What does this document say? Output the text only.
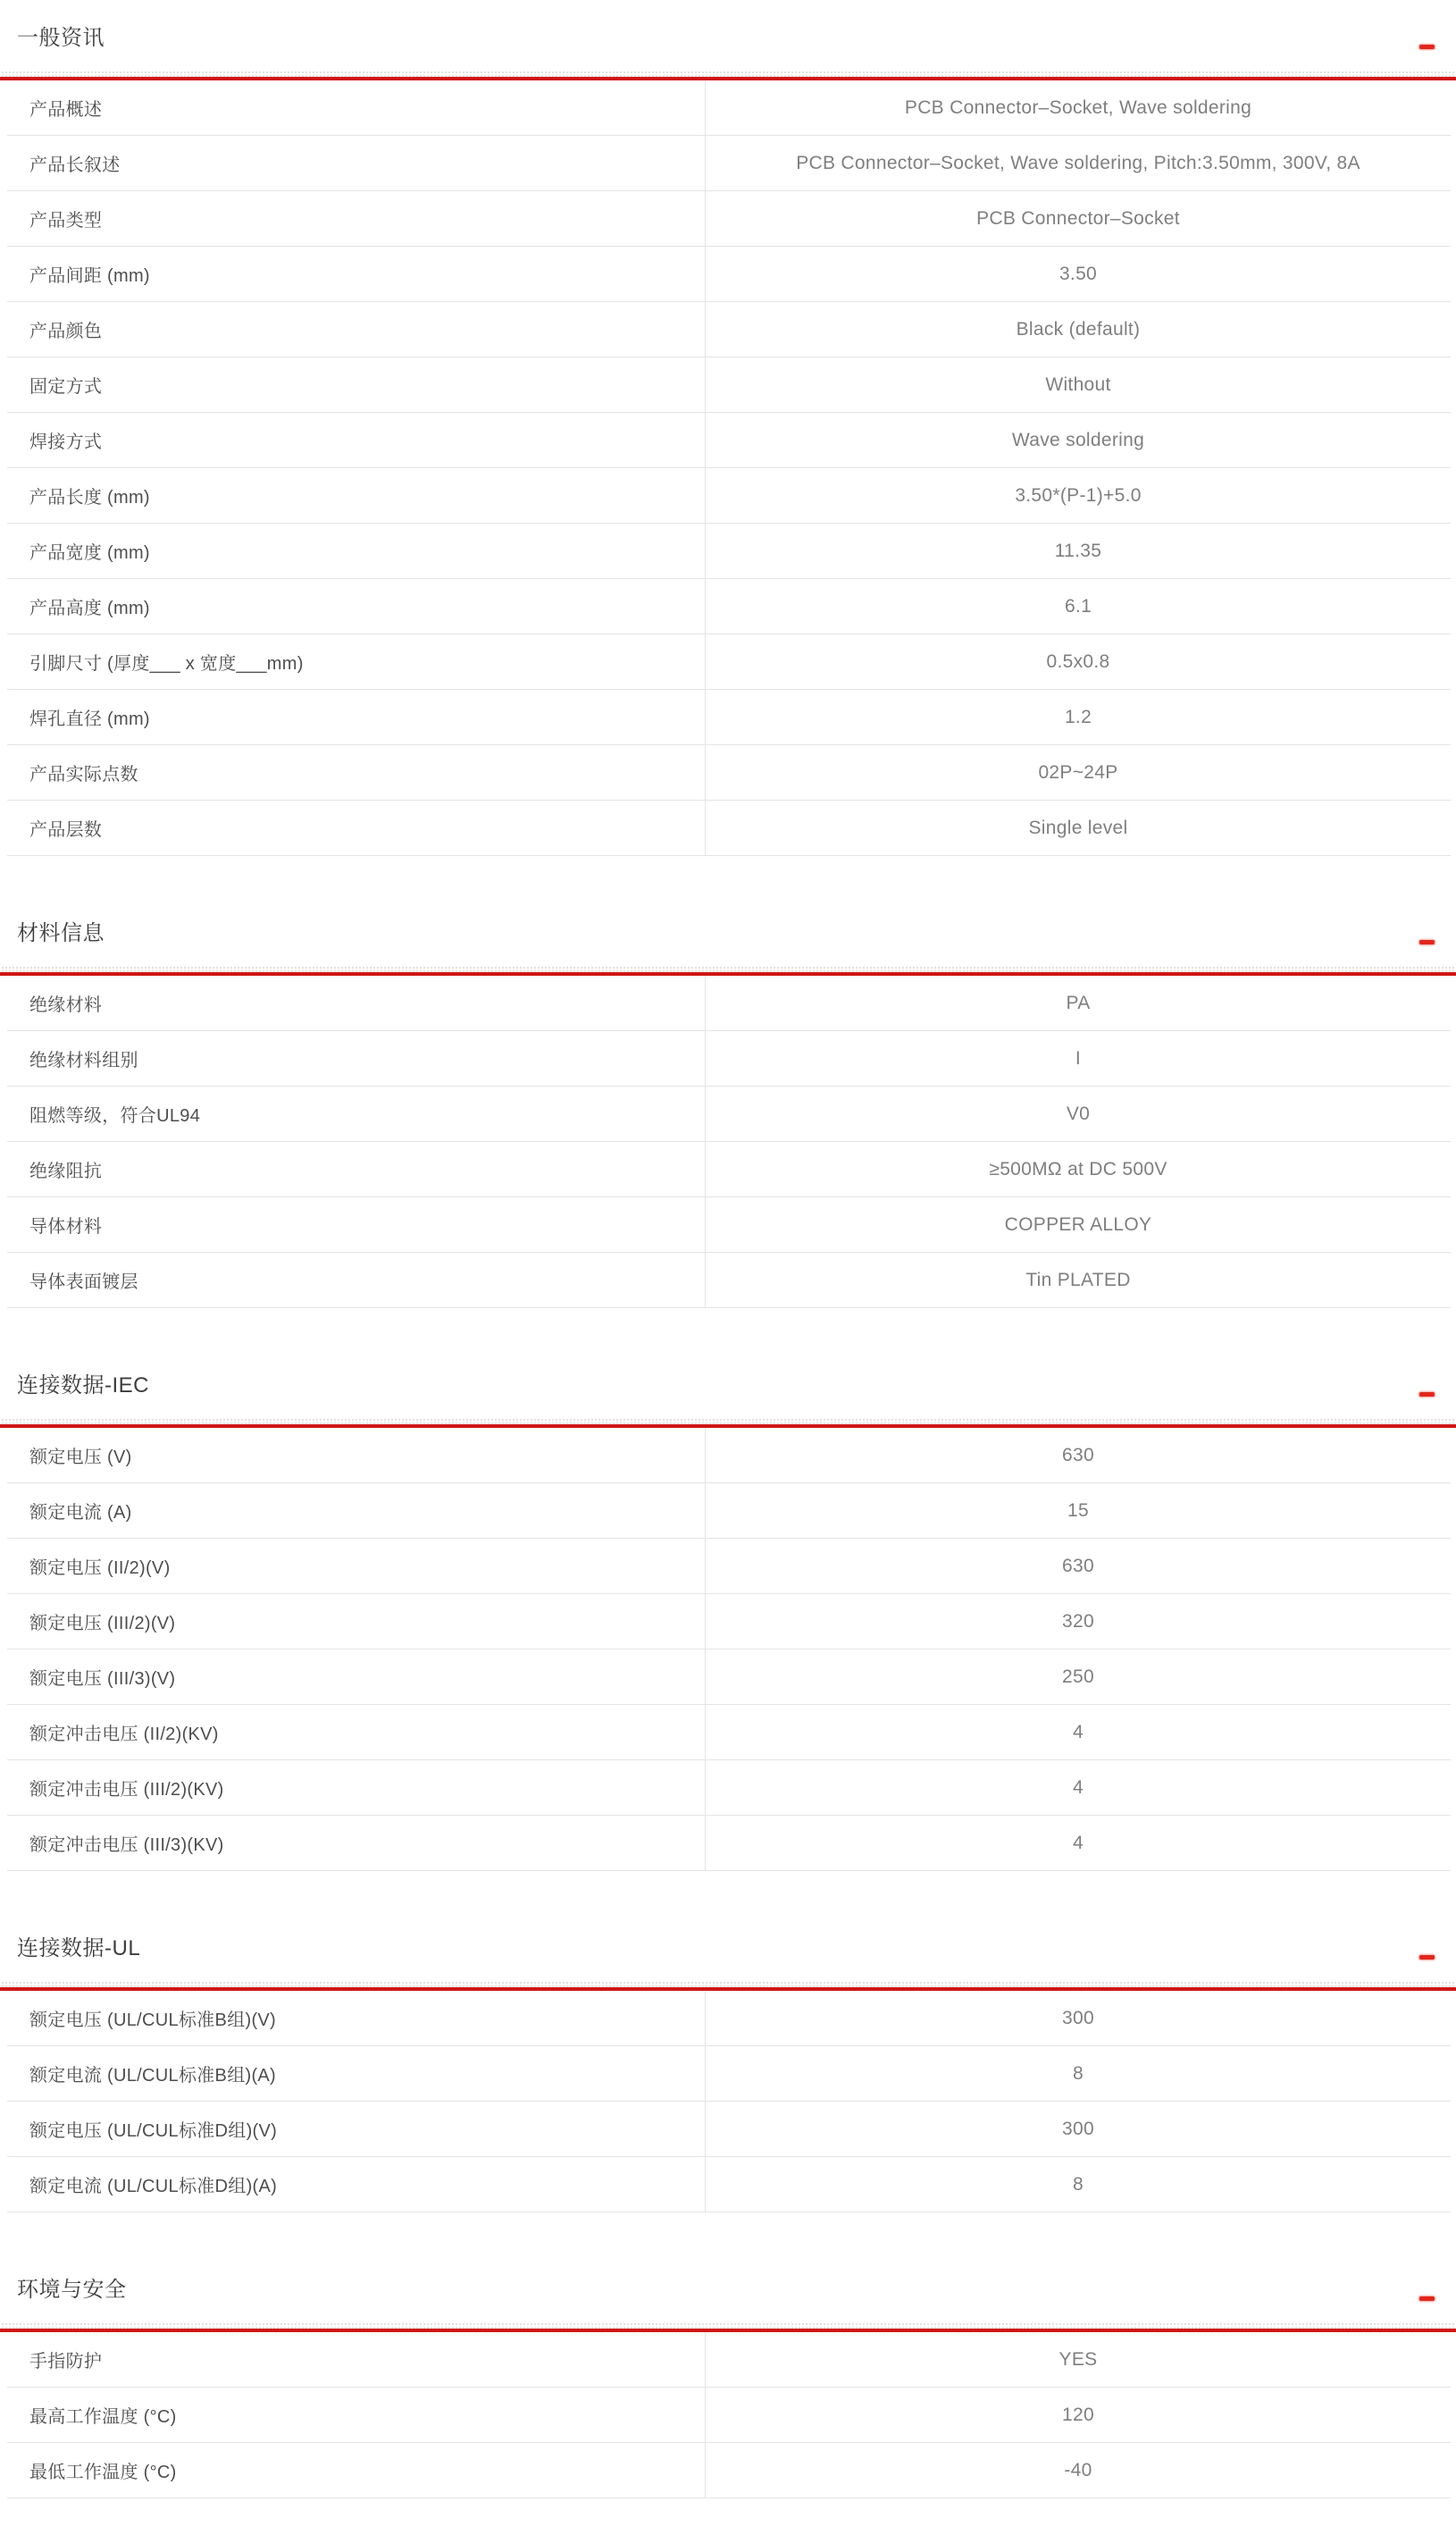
一般资讯
产品概述	PCB Connector–Socket, Wave soldering
产品长叙述	PCB Connector–Socket, Wave soldering, Pitch:3.50mm, 300V, 8A
产品类型	PCB Connector–Socket
产品间距 (mm)	3.50
产品颜色	Black (default)
固定方式	Without
焊接方式	Wave soldering
产品长度 (mm)	3.50*(P-1)+5.0
产品宽度 (mm)	11.35
产品高度 (mm)	6.1
引脚尺寸 (厚度___ x 宽度___mm)	0.5x0.8
焊孔直径 (mm)	1.2
产品实际点数	02P~24P
产品层数	Single level
材料信息
绝缘材料	PA
绝缘材料组别	I
阻燃等级，符合UL94	V0
绝缘阻抗	≥500MΩ at DC 500V
导体材料	COPPER ALLOY
导体表面镀层	Tin PLATED
连接数据-IEC
额定电压 (V)	630
额定电流 (A)	15
额定电压 (II/2)(V)	630
额定电压 (III/2)(V)	320
额定电压 (III/3)(V)	250
额定冲击电压 (II/2)(KV)	4
额定冲击电压 (III/2)(KV)	4
额定冲击电压 (III/3)(KV)	4
连接数据-UL
额定电压 (UL/CUL标准B组)(V)	300
额定电流 (UL/CUL标准B组)(A)	8
额定电压 (UL/CUL标准D组)(V)	300
额定电流 (UL/CUL标准D组)(A)	8
环境与安全
手指防护	YES
最高工作温度 (°C)	120
最低工作温度 (°C)	-40
